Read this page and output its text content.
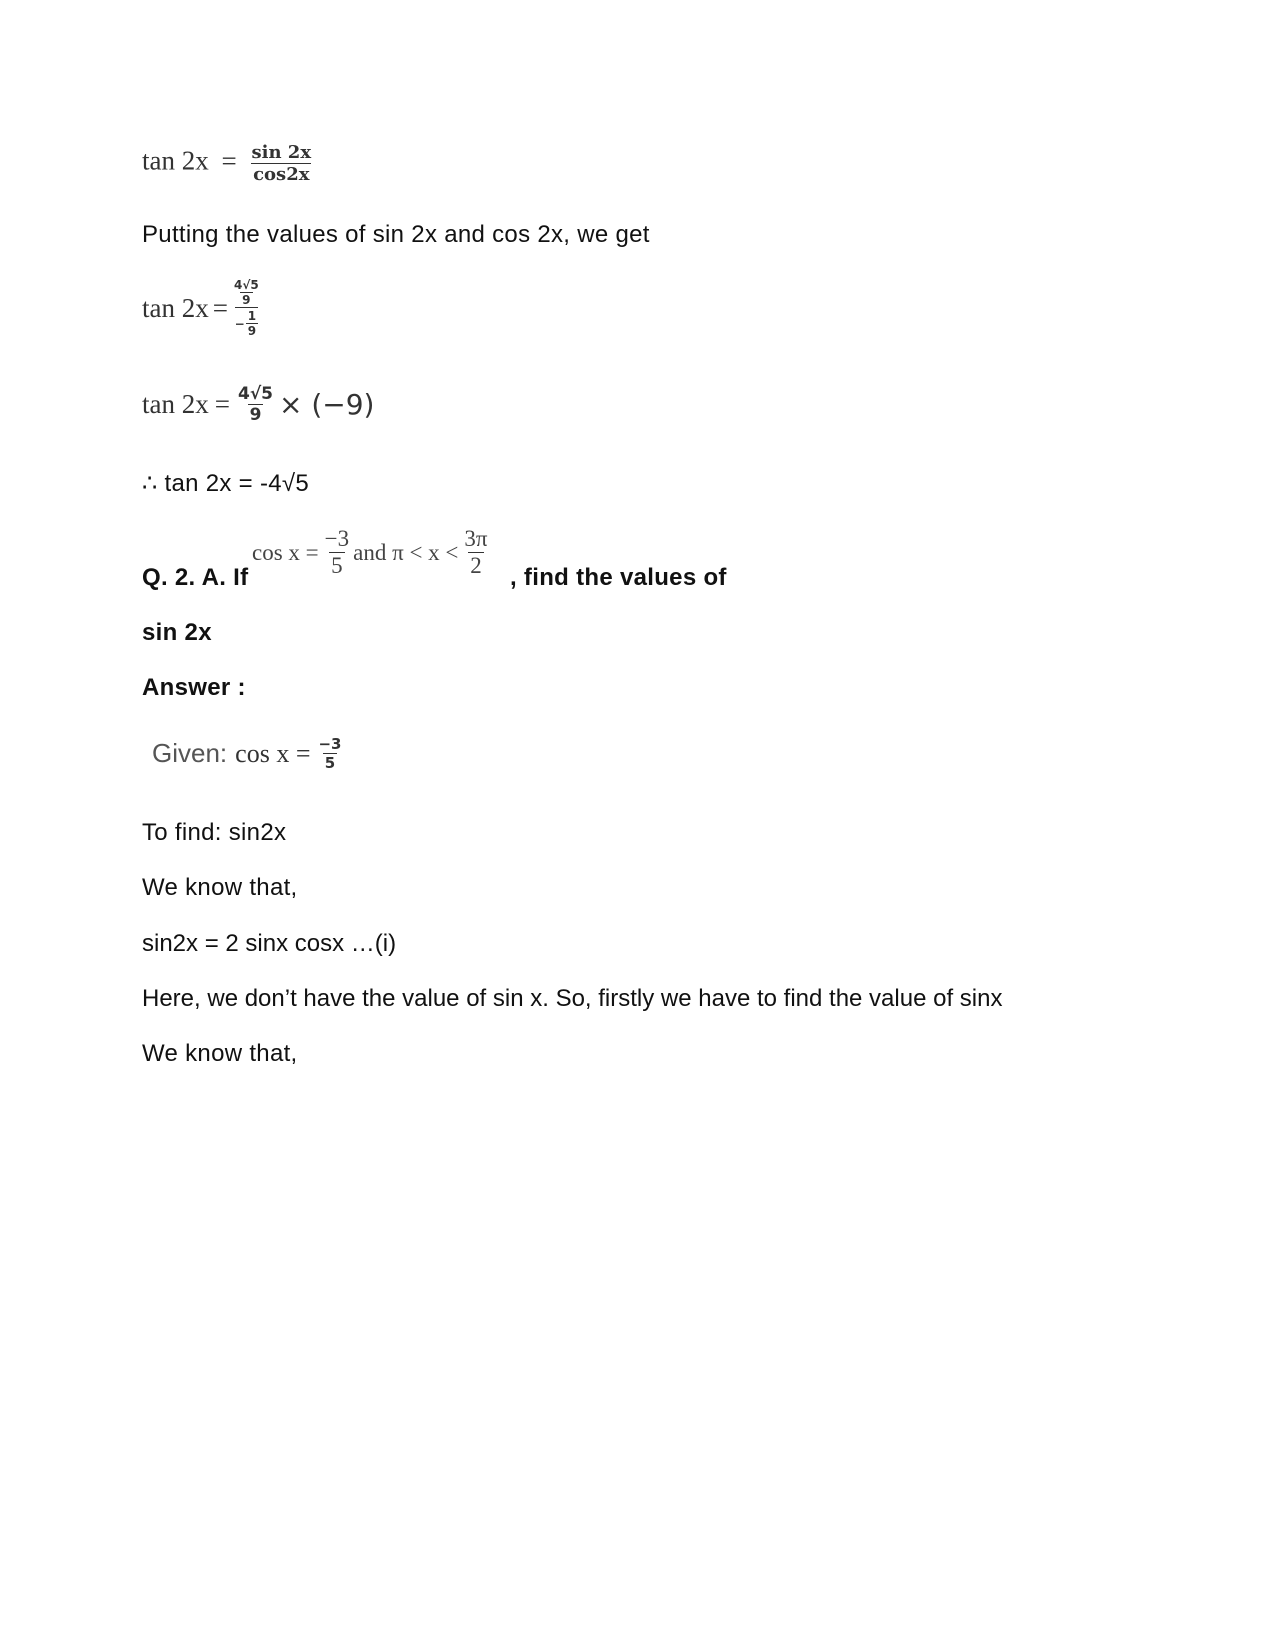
$\tan 2x = \frac{\sin 2x}{\cos 2x}$
Putting the values of sin 2x and cos 2x, we get
$\tan 2x = \frac{\frac{4√5}{9}}{- \frac{1}{9}}$
$\tan 2x = \frac{4√5}{9} \times (-9)$
∴ tan 2x = -4√5
Q. 2. A. If
$\cos x = \frac{-3}{5}$ and $\pi < x < \frac{3\pi}{2}$ , find the values of
sin 2x
Answer :
Given: $\cos x = \frac{-3}{5}$
To find: sin2x
We know that,
sin2x = 2 sinx cosx …(i)
Here, we don’t have the value of sin x. So, firstly we have to find the value of sinx
We know that,
